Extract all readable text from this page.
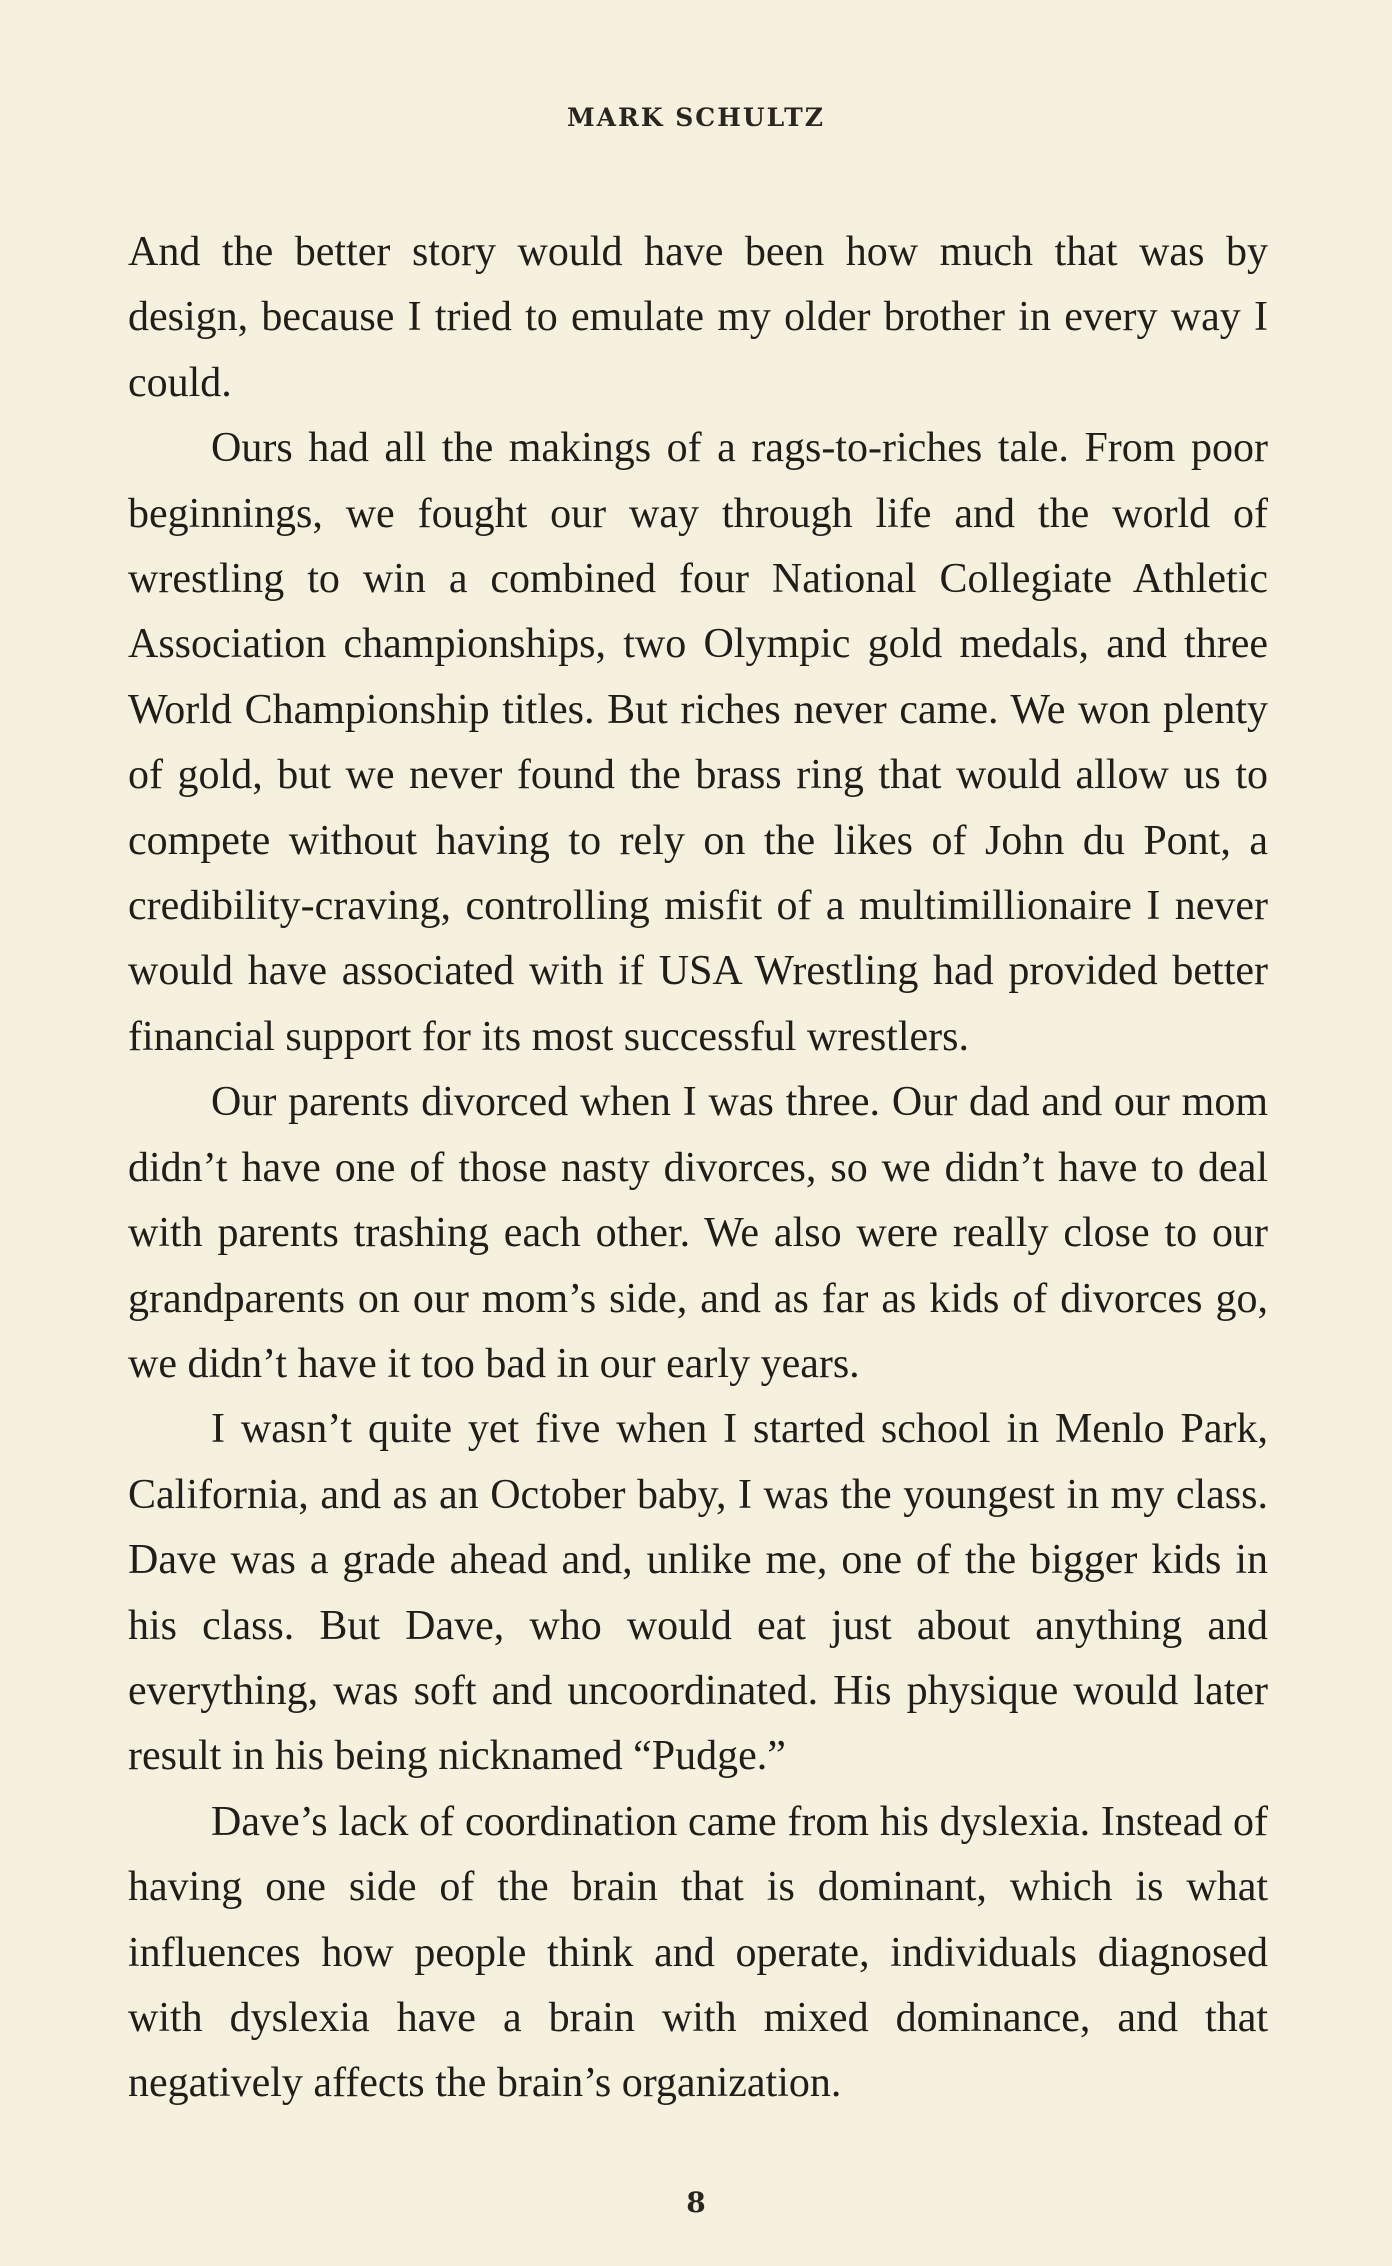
MARK SCHULTZ

And the better story would have been how much that was by design, because I tried to emulate my older brother in every way I could.

Ours had all the makings of a rags-to-riches tale. From poor beginnings, we fought our way through life and the world of wrestling to win a combined four National Collegiate Athletic Association championships, two Olympic gold medals, and three World Championship titles. But riches never came. We won plenty of gold, but we never found the brass ring that would allow us to compete without having to rely on the likes of John du Pont, a credibility-craving, controlling misfit of a multimillionaire I never would have associated with if USA Wrestling had provided better financial support for its most successful wrestlers.

Our parents divorced when I was three. Our dad and our mom didn’t have one of those nasty divorces, so we didn’t have to deal with parents trashing each other. We also were really close to our grandparents on our mom’s side, and as far as kids of divorces go, we didn’t have it too bad in our early years.

I wasn’t quite yet five when I started school in Menlo Park, California, and as an October baby, I was the youngest in my class. Dave was a grade ahead and, unlike me, one of the bigger kids in his class. But Dave, who would eat just about anything and everything, was soft and uncoordinated. His physique would later result in his being nicknamed “Pudge.”

Dave’s lack of coordination came from his dyslexia. Instead of having one side of the brain that is dominant, which is what influences how people think and operate, individuals diagnosed with dyslexia have a brain with mixed dominance, and that negatively affects the brain’s organization.

8
